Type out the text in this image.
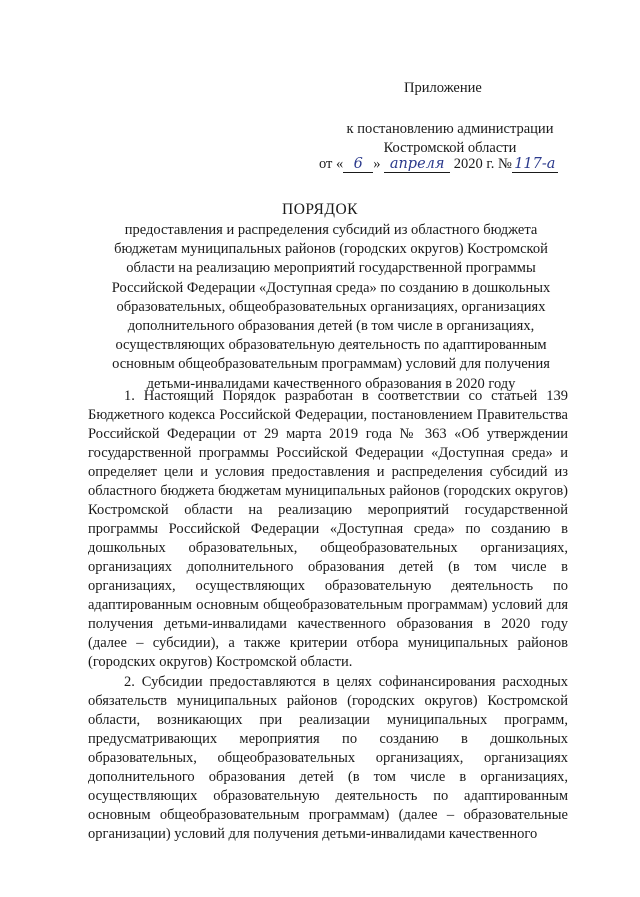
Приложение
к постановлению администрации Костромской области
от « 6 » апреля 2020 г. № 117-а
ПОРЯДОК
предоставления и распределения субсидий из областного бюджета бюджетам муниципальных районов (городских округов) Костромской области на реализацию мероприятий государственной программы Российской Федерации «Доступная среда» по созданию в дошкольных образовательных, общеобразовательных организациях, организациях дополнительного образования детей (в том числе в организациях, осуществляющих образовательную деятельность по адаптированным основным общеобразовательным программам) условий для получения детьми-инвалидами качественного образования в 2020 году

1. Настоящий Порядок разработан в соответствии со статьей 139 Бюджетного кодекса Российской Федерации, постановлением Правительства Российской Федерации от 29 марта 2019 года № 363 «Об утверждении государственной программы Российской Федерации «Доступная среда» и определяет цели и условия предоставления и распределения субсидий из областного бюджета бюджетам муниципальных районов (городских округов) Костромской области на реализацию мероприятий государственной программы Российской Федерации «Доступная среда» по созданию в дошкольных образовательных, общеобразовательных организациях, организациях дополнительного образования детей (в том числе в организациях, осуществляющих образовательную деятельность по адаптированным основным общеобразовательным программам) условий для получения детьми-инвалидами качественного образования в 2020 году (далее – субсидии), а также критерии отбора муниципальных районов (городских округов) Костромской области.

2. Субсидии предоставляются в целях софинансирования расходных обязательств муниципальных районов (городских округов) Костромской области, возникающих при реализации муниципальных программ, предусматривающих мероприятия по созданию в дошкольных образовательных, общеобразовательных организациях, организациях дополнительного образования детей (в том числе в организациях, осуществляющих образовательную деятельность по адаптированным основным общеобразовательным программам) (далее – образовательные организации) условий для получения детьми-инвалидами качественного
